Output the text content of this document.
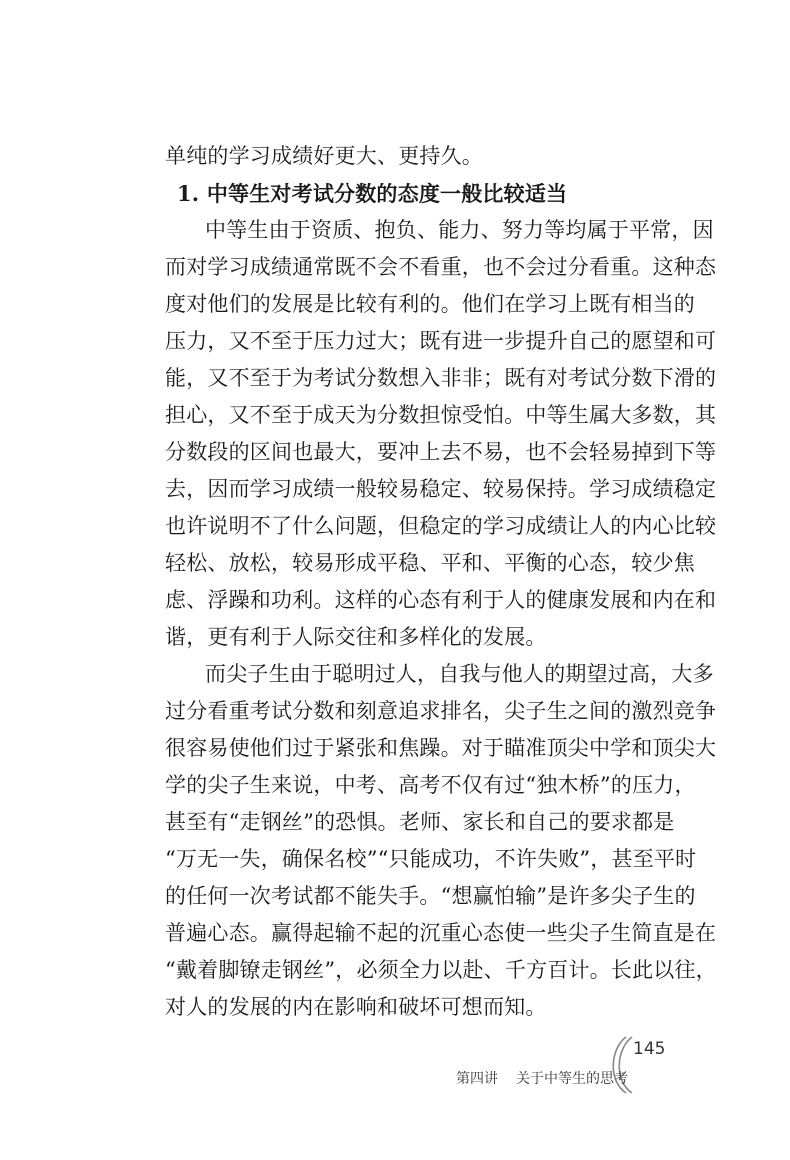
单纯的学习成绩好更大、更持久。
1. 中等生对考试分数的态度一般比较适当
中等生由于资质、抱负、能力、努力等均属于平常，因
而对学习成绩通常既不会不看重，也不会过分看重。这种态
度对他们的发展是比较有利的。他们在学习上既有相当的
压力，又不至于压力过大；既有进一步提升自己的愿望和可
能，又不至于为考试分数想入非非；既有对考试分数下滑的
担心，又不至于成天为分数担惊受怕。中等生属大多数，其
分数段的区间也最大，要冲上去不易，也不会轻易掉到下等
去，因而学习成绩一般较易稳定、较易保持。学习成绩稳定
也许说明不了什么问题，但稳定的学习成绩让人的内心比较
轻松、放松，较易形成平稳、平和、平衡的心态，较少焦
虑、浮躁和功利。这样的心态有利于人的健康发展和内在和
谐，更有利于人际交往和多样化的发展。
而尖子生由于聪明过人，自我与他人的期望过高，大多
过分看重考试分数和刻意追求排名，尖子生之间的激烈竞争
很容易使他们过于紧张和焦躁。对于瞄准顶尖中学和顶尖大
学的尖子生来说，中考、高考不仅有过“独木桥”的压力，
甚至有“走钢丝”的恐惧。老师、家长和自己的要求都是
“万无一失，确保名校”“只能成功，不许失败”，甚至平时
的任何一次考试都不能失手。“想赢怕输”是许多尖子生的
普遍心态。赢得起输不起的沉重心态使一些尖子生简直是在
“戴着脚镣走钢丝”，必须全力以赴、千方百计。长此以往，
对人的发展的内在影响和破坏可想而知。
145
第四讲 关于中等生的思考
